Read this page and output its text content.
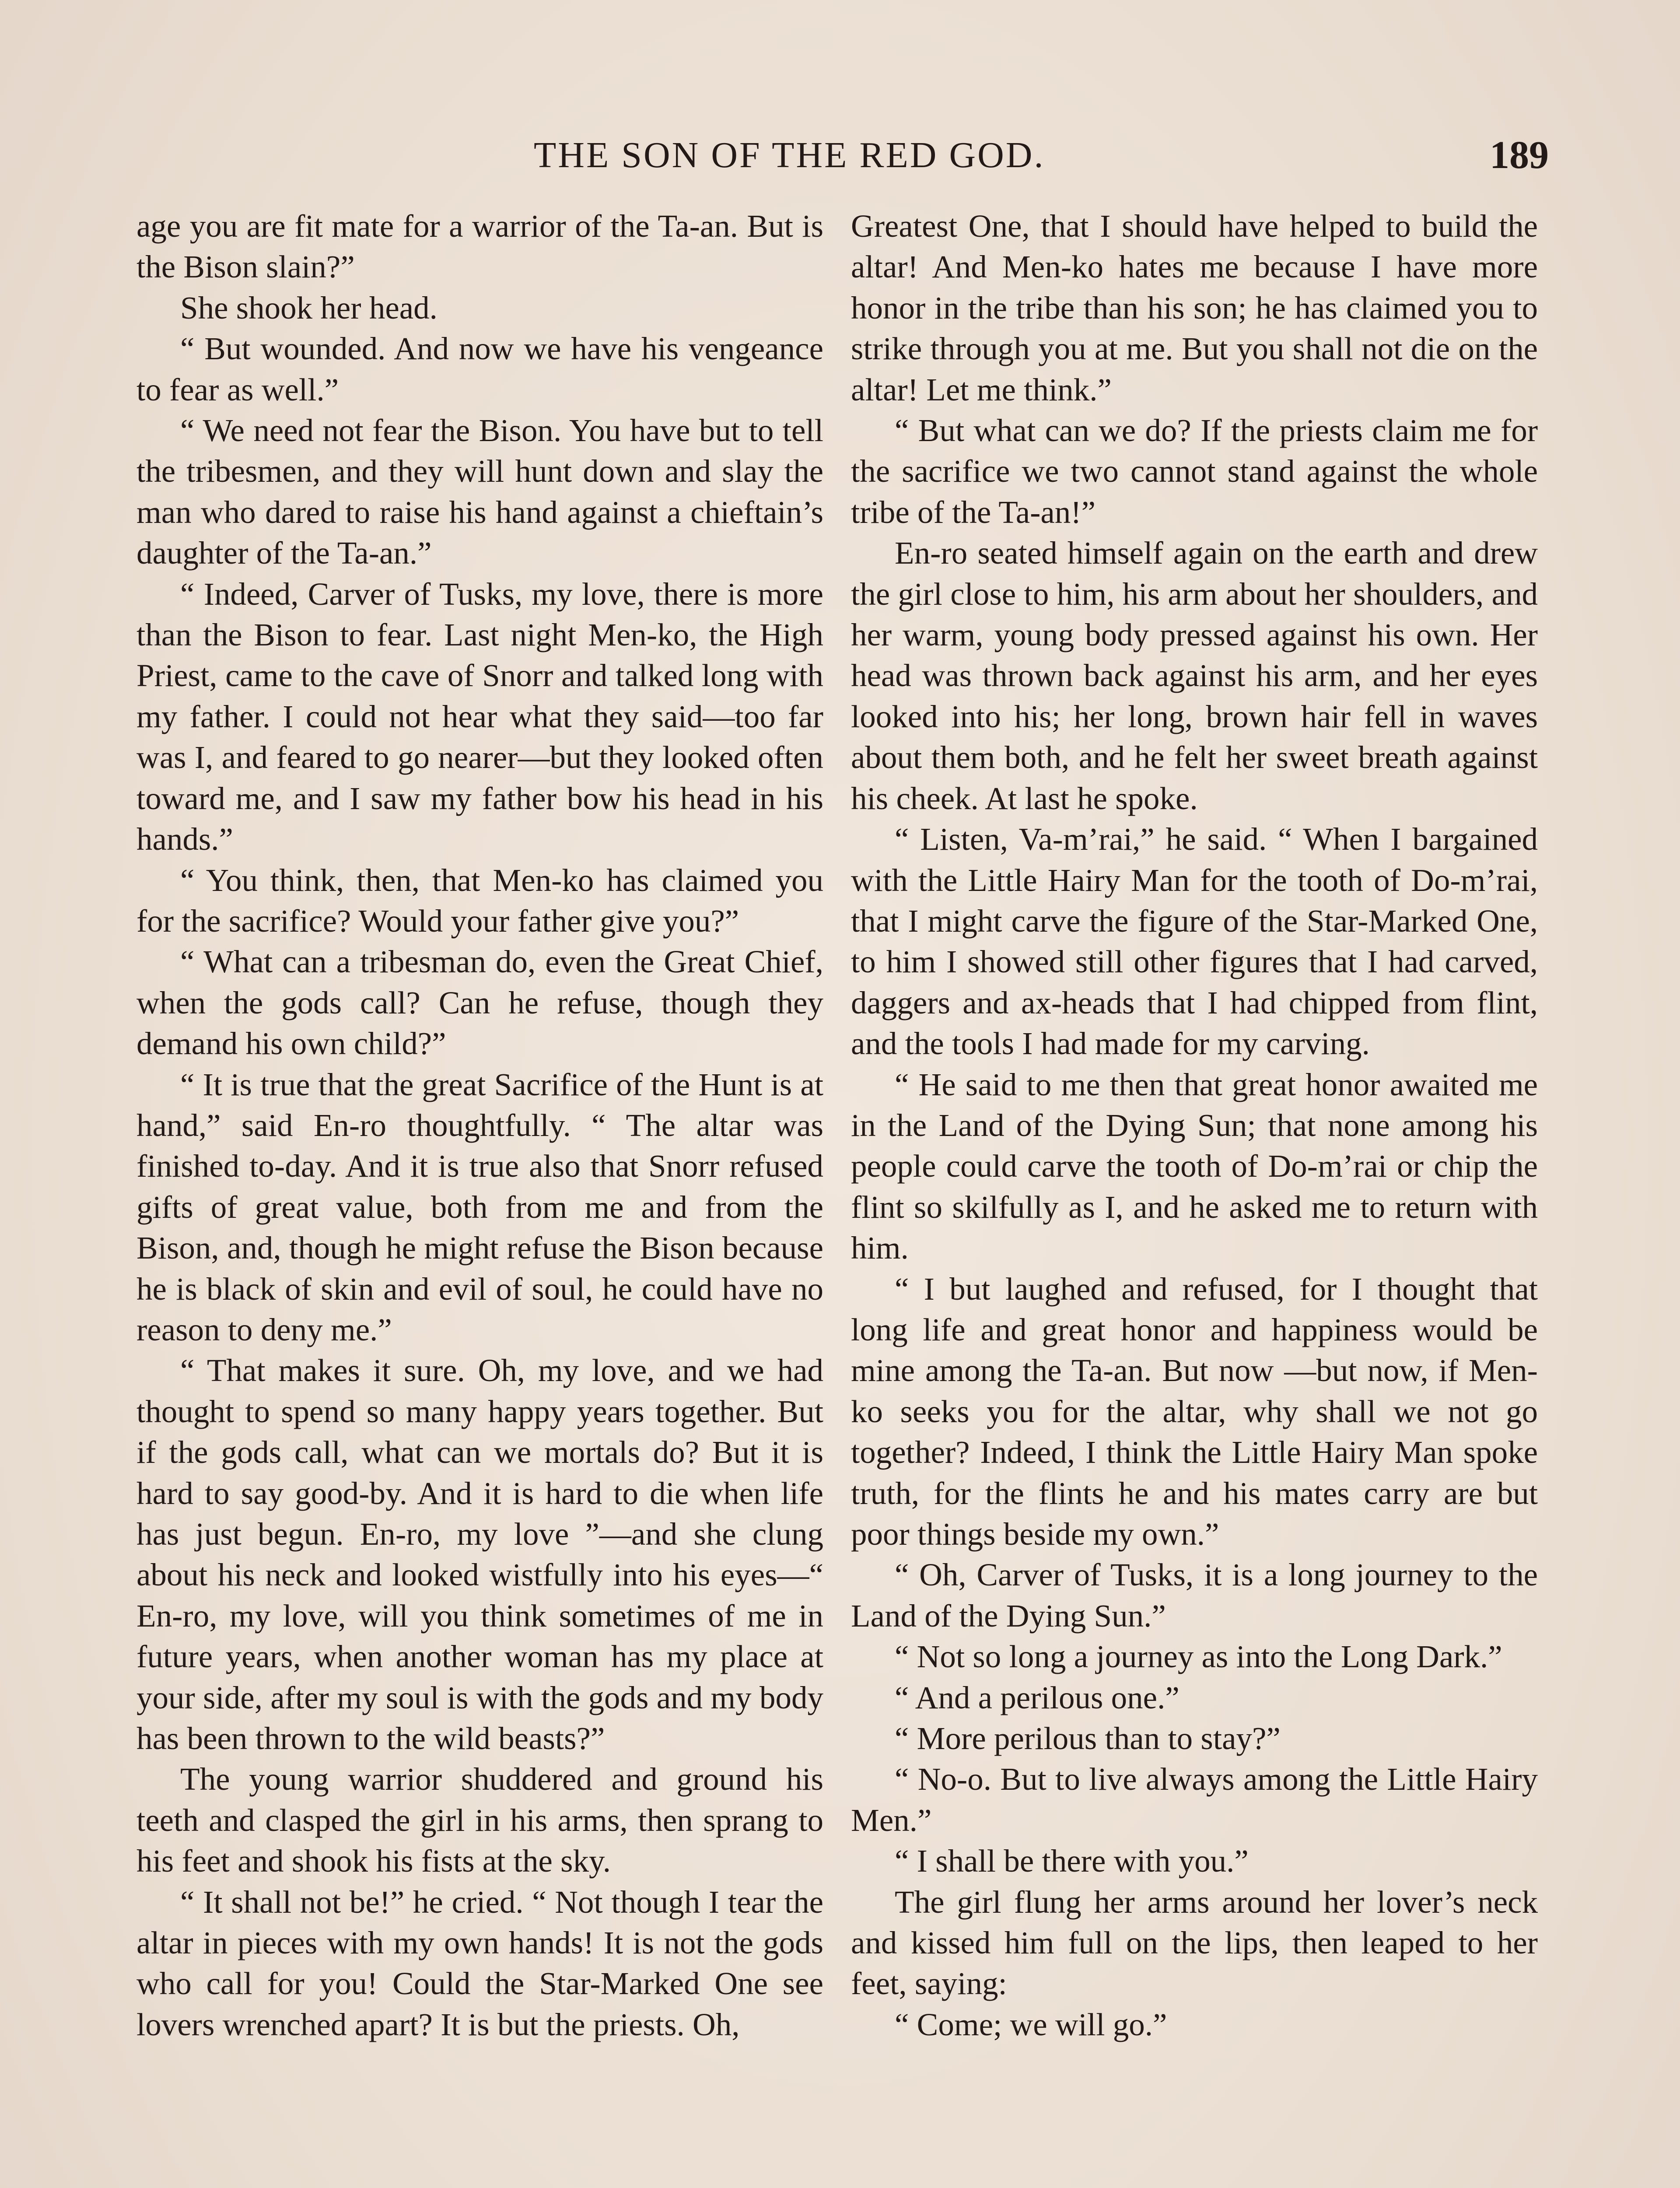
THE SON OF THE RED GOD.	189

age you are fit mate for a warrior of the Ta-an. But is the Bison slain?”

She shook her head.

“ But wounded. And now we have his vengeance to fear as well.”

“ We need not fear the Bison. You have but to tell the tribesmen, and they will hunt down and slay the man who dared to raise his hand against a chieftain’s daughter of the Ta-an.”

“ Indeed, Carver of Tusks, my love, there is more than the Bison to fear. Last night Men-ko, the High Priest, came to the cave of Snorr and talked long with my father. I could not hear what they said—too far was I, and feared to go nearer—but they looked often toward me, and I saw my father bow his head in his hands.”

“ You think, then, that Men-ko has claimed you for the sacrifice? Would your father give you?”

“ What can a tribesman do, even the Great Chief, when the gods call? Can he refuse, though they demand his own child?”

“ It is true that the great Sacrifice of the Hunt is at hand,” said En-ro thoughtfully. “ The altar was finished to-day. And it is true also that Snorr refused gifts of great value, both from me and from the Bison, and, though he might refuse the Bison because he is black of skin and evil of soul, he could have no reason to deny me.”

“ That makes it sure. Oh, my love, and we had thought to spend so many happy years together. But if the gods call, what can we mortals do? But it is hard to say good-by. And it is hard to die when life has just begun. En-ro, my love ”—and she clung about his neck and looked wistfully into his eyes—“ En-ro, my love, will you think sometimes of me in future years, when another woman has my place at your side, after my soul is with the gods and my body has been thrown to the wild beasts?”

The young warrior shuddered and ground his teeth and clasped the girl in his arms, then sprang to his feet and shook his fists at the sky.

“ It shall not be!” he cried. “ Not though I tear the altar in pieces with my own hands! It is not the gods who call for you! Could the Star-Marked One see lovers wrenched apart? It is but the priests. Oh,

Greatest One, that I should have helped to build the altar! And Men-ko hates me because I have more honor in the tribe than his son; he has claimed you to strike through you at me. But you shall not die on the altar! Let me think.”

“ But what can we do? If the priests claim me for the sacrifice we two cannot stand against the whole tribe of the Ta-an!”

En-ro seated himself again on the earth and drew the girl close to him, his arm about her shoulders, and her warm, young body pressed against his own. Her head was thrown back against his arm, and her eyes looked into his; her long, brown hair fell in waves about them both, and he felt her sweet breath against his cheek. At last he spoke.

“ Listen, Va-m’rai,” he said. “ When I bargained with the Little Hairy Man for the tooth of Do-m’rai, that I might carve the figure of the Star-Marked One, to him I showed still other figures that I had carved, daggers and ax-heads that I had chipped from flint, and the tools I had made for my carving.

“ He said to me then that great honor awaited me in the Land of the Dying Sun; that none among his people could carve the tooth of Do-m’rai or chip the flint so skilfully as I, and he asked me to return with him.

“ I but laughed and refused, for I thought that long life and great honor and happiness would be mine among the Ta-an. But now —but now, if Men-ko seeks you for the altar, why shall we not go together? Indeed, I think the Little Hairy Man spoke truth, for the flints he and his mates carry are but poor things beside my own.”

“ Oh, Carver of Tusks, it is a long journey to the Land of the Dying Sun.”

“ Not so long a journey as into the Long Dark.”

“ And a perilous one.”

“ More perilous than to stay?”

“ No-o. But to live always among the Little Hairy Men.”

“ I shall be there with you.”

The girl flung her arms around her lover’s neck and kissed him full on the lips, then leaped to her feet, saying:

“ Come; we will go.”
